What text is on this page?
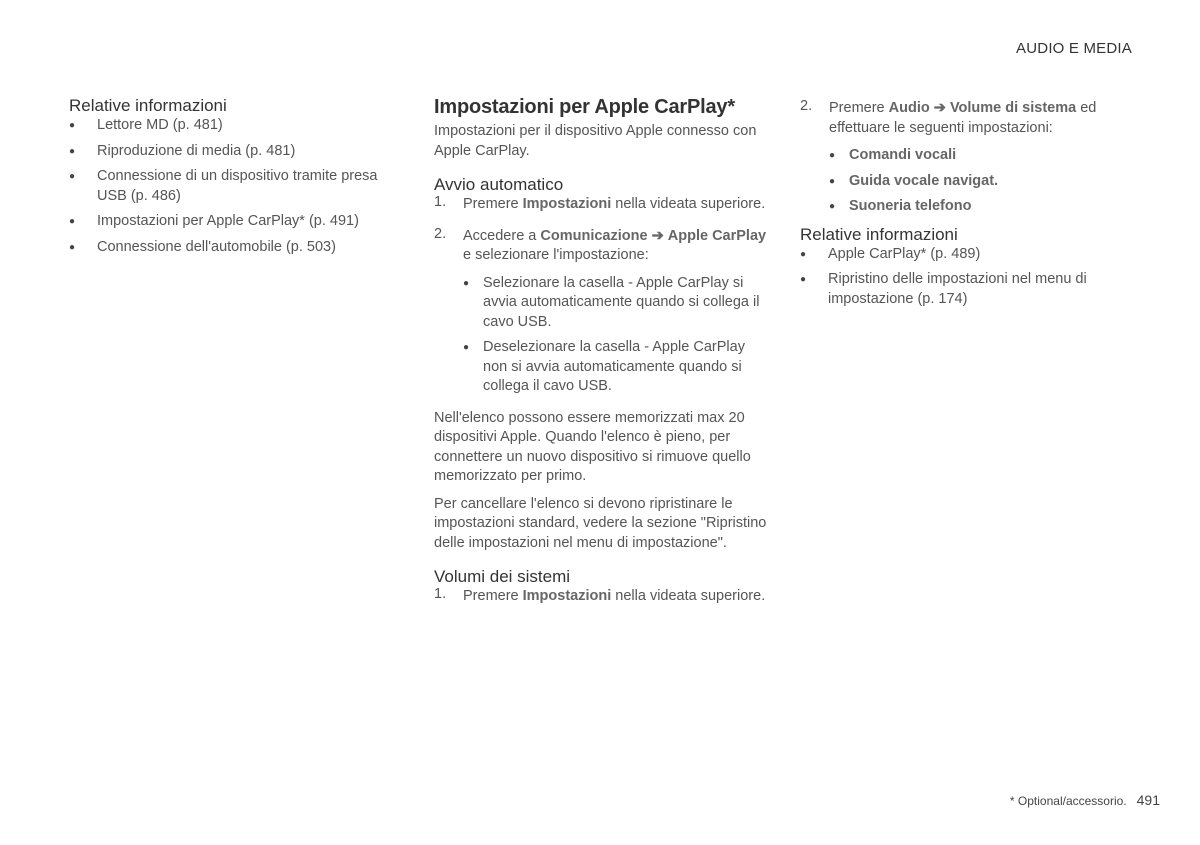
AUDIO E MEDIA
Relative informazioni
● Lettore MD (p. 481)
● Riproduzione di media (p. 481)
● Connessione di un dispositivo tramite presa USB (p. 486)
● Impostazioni per Apple CarPlay* (p. 491)
● Connessione dell'automobile (p. 503)
Impostazioni per Apple CarPlay*

Impostazioni per il dispositivo Apple connesso con Apple CarPlay.

Avvio automatico
1. Premere Impostazioni nella videata superiore.
2. Accedere a Comunicazione ➔ Apple CarPlay e selezionare l'impostazione:
● Selezionare la casella - Apple CarPlay si avvia automaticamente quando si collega il cavo USB.
● Deselezionare la casella - Apple CarPlay non si avvia automaticamente quando si collega il cavo USB.

Nell'elenco possono essere memorizzati max 20 dispositivi Apple. Quando l'elenco è pieno, per connettere un nuovo dispositivo si rimuove quello memorizzato per primo.

Per cancellare l'elenco si devono ripristinare le impostazioni standard, vedere la sezione "Ripristino delle impostazioni nel menu di impostazione".

Volumi dei sistemi
1. Premere Impostazioni nella videata superiore.
2. Premere Audio ➔ Volume di sistema ed effettuare le seguenti impostazioni:
● Comandi vocali
● Guida vocale navigat.
● Suoneria telefono
Relative informazioni
● Apple CarPlay* (p. 489)
● Ripristino delle impostazioni nel menu di impostazione (p. 174)
* Optional/accessorio. 491
